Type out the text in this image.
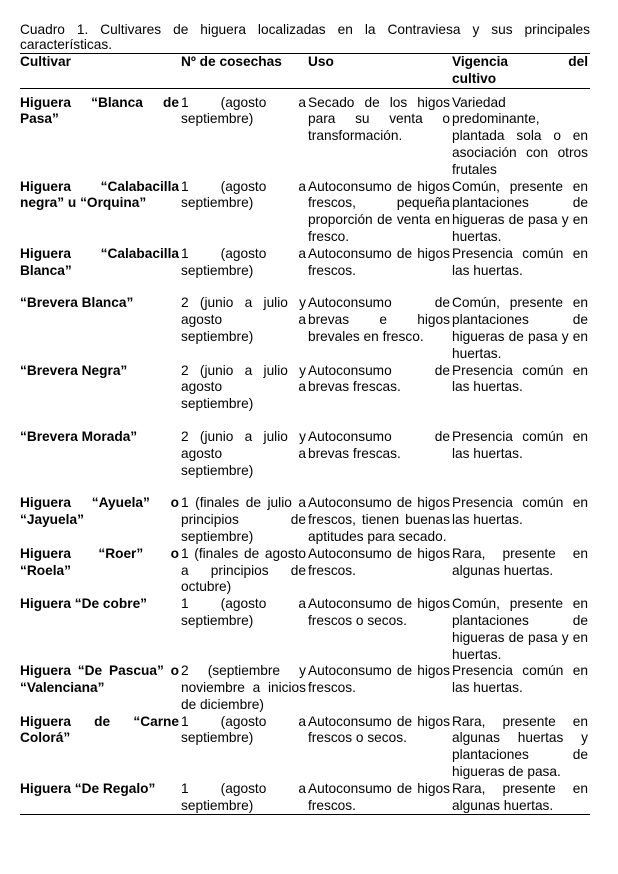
Cuadro 1. Cultivares de higuera localizadas en la Contraviesa y sus principales características.

Cultivar	Nº de cosechas	Uso	Vigencia del
cultivo

Higuera “Blanca de Pasa”	1 (agosto a septiembre)	Secado de los higos para su venta o transformación.	Variedad predominante, plantada sola o en asociación con otros frutales
Higuera “Calabacilla negra” u “Orquina”	1 (agosto a septiembre)	Autoconsumo de higos frescos, pequeña proporción de venta en fresco.	Común, presente en plantaciones de higueras de pasa y en huertas.
Higuera “Calabacilla Blanca”	1 (agosto a septiembre)	Autoconsumo de higos frescos.	Presencia común en las huertas.
“Brevera Blanca”	2 (junio a julio y agosto a septiembre)	Autoconsumo de brevas e higos brevales en fresco.	Común, presente en plantaciones de higueras de pasa y en huertas.
“Brevera Negra”	2 (junio a julio y agosto a septiembre)	Autoconsumo de brevas frescas.	Presencia común en las huertas.
“Brevera Morada”	2 (junio a julio y agosto a septiembre)	Autoconsumo de brevas frescas.	Presencia común en las huertas.
Higuera “Ayuela” o “Jayuela”	1 (finales de julio a principios de septiembre)	Autoconsumo de higos frescos, tienen buenas aptitudes para secado.	Presencia común en las huertas.
Higuera “Roer” o “Roela”	1 (finales de agosto a principios de octubre)	Autoconsumo de higos frescos.	Rara, presente en algunas huertas.
Higuera “De cobre”	1 (agosto a septiembre)	Autoconsumo de higos frescos o secos.	Común, presente en plantaciones de higueras de pasa y en huertas.
Higuera “De Pascua” o “Valenciana”	2 (septiembre y noviembre a inicios de diciembre)	Autoconsumo de higos frescos.	Presencia común en las huertas.
Higuera de “Carne Colorá”	1 (agosto a septiembre)	Autoconsumo de higos frescos o secos.	Rara, presente en algunas huertas y plantaciones de higueras de pasa.
Higuera “De Regalo”	1 (agosto a septiembre)	Autoconsumo de higos frescos.	Rara, presente en algunas huertas.
